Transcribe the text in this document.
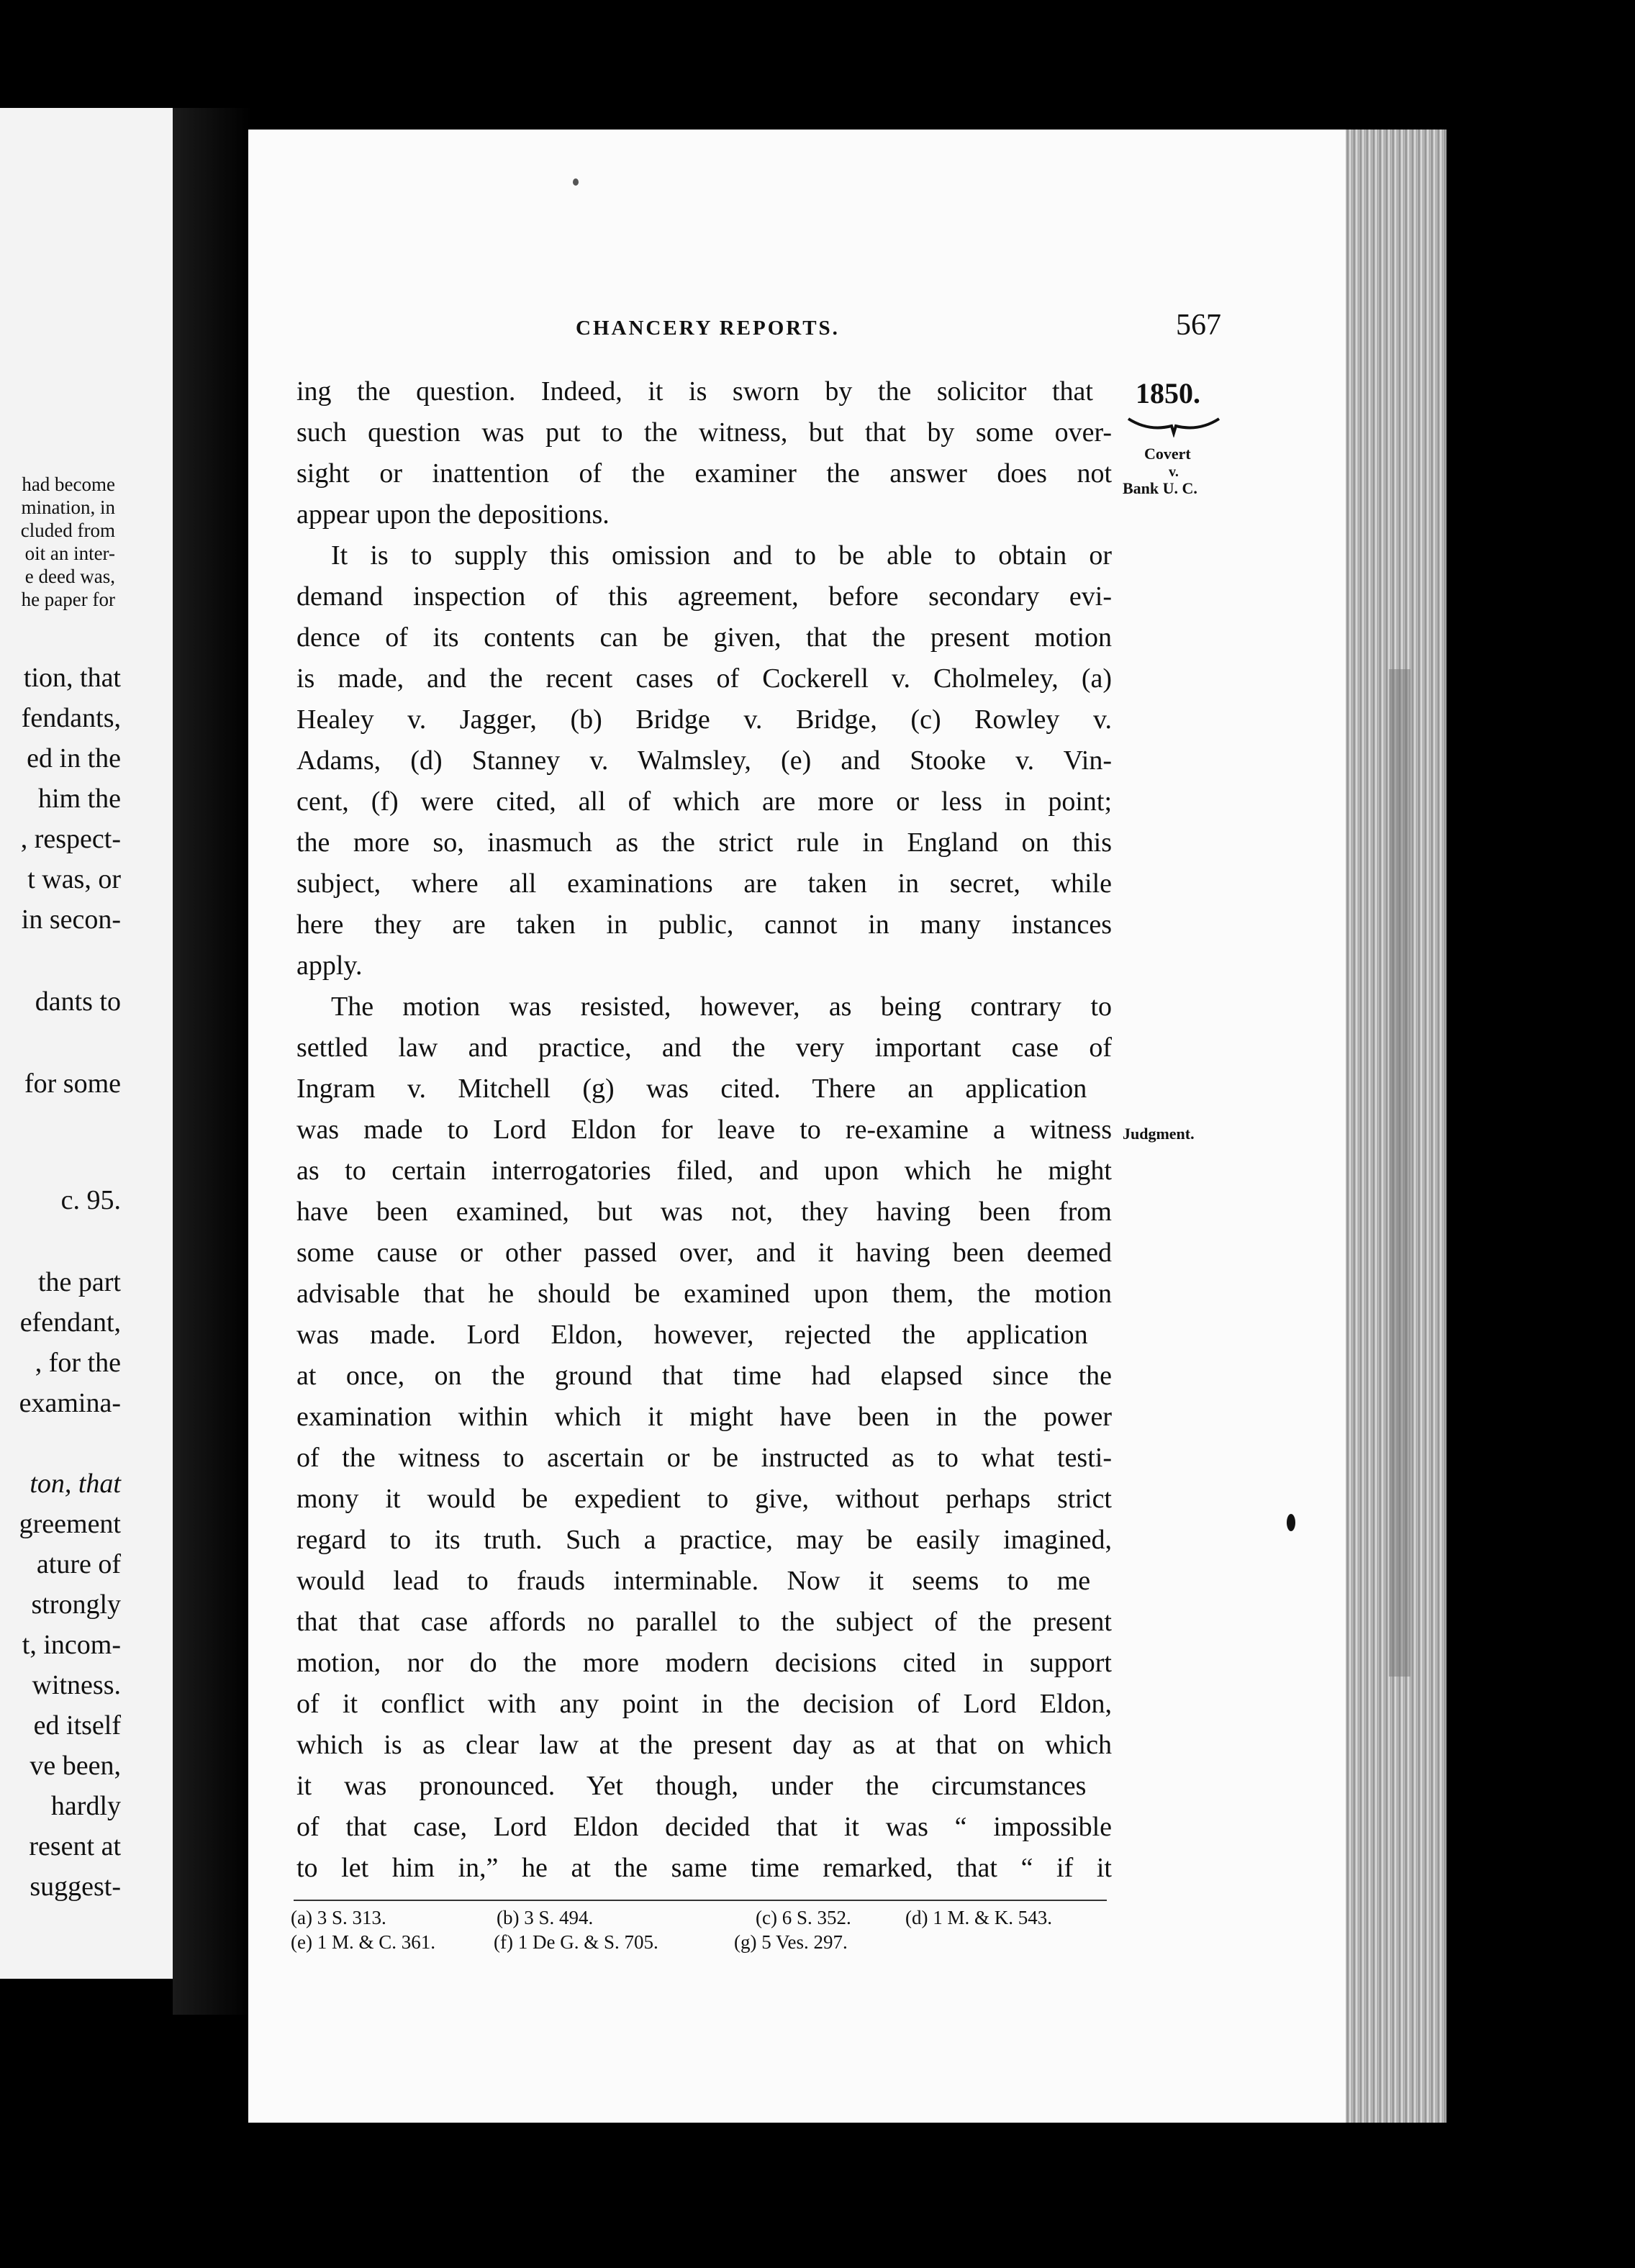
had become
mination, in
cluded from
oit an inter-
e deed was,
he paper for
tion, that
fendants,
ed in the
him the
, respect-
t was, or
in secon-
dants to
for some
c. 95.
the part
efendant,
, for the
examina-
ton, that
greement
ature of
strongly
t, incom-
witness.
ed itself
ve been,
hardly
resent at
suggest-
CHANCERY REPORTS.	567
1850.
Covert
v.
Bank U. C.
Judgment.
ing the question. Indeed, it is sworn by the solicitor that
such question was put to the witness, but that by some over-
sight or inattention of the examiner the answer does not
appear upon the depositions.
It is to supply this omission and to be able to obtain or
demand inspection of this agreement, before secondary evi-
dence of its contents can be given, that the present motion
is made, and the recent cases of Cockerell v. Cholmeley, (a)
Healey v. Jagger, (b) Bridge v. Bridge, (c) Rowley v.
Adams, (d) Stanney v. Walmsley, (e) and Stooke v. Vin-
cent, (f) were cited, all of which are more or less in point;
the more so, inasmuch as the strict rule in England on this
subject, where all examinations are taken in secret, while
here they are taken in public, cannot in many instances
apply.
The motion was resisted, however, as being contrary to
settled law and practice, and the very important case of
Ingram v. Mitchell (g) was cited. There an application
was made to Lord Eldon for leave to re-examine a witness
as to certain interrogatories filed, and upon which he might
have been examined, but was not, they having been from
some cause or other passed over, and it having been deemed
advisable that he should be examined upon them, the motion
was made. Lord Eldon, however, rejected the application
at once, on the ground that time had elapsed since the
examination within which it might have been in the power
of the witness to ascertain or be instructed as to what testi-
mony it would be expedient to give, without perhaps strict
regard to its truth. Such a practice, may be easily imagined,
would lead to frauds interminable. Now it seems to me
that that case affords no parallel to the subject of the present
motion, nor do the more modern decisions cited in support
of it conflict with any point in the decision of Lord Eldon,
which is as clear law at the present day as at that on which
it was pronounced. Yet though, under the circumstances
of that case, Lord Eldon decided that it was “ impossible
to let him in,” he at the same time remarked, that “ if it
(a) 3 S. 313.	(b) 3 S. 494.	(c) 6 S. 352.	(d) 1 M. & K. 543.
(e) 1 M. & C. 361.	(f) 1 De G. & S. 705.	(g) 5 Ves. 297.
